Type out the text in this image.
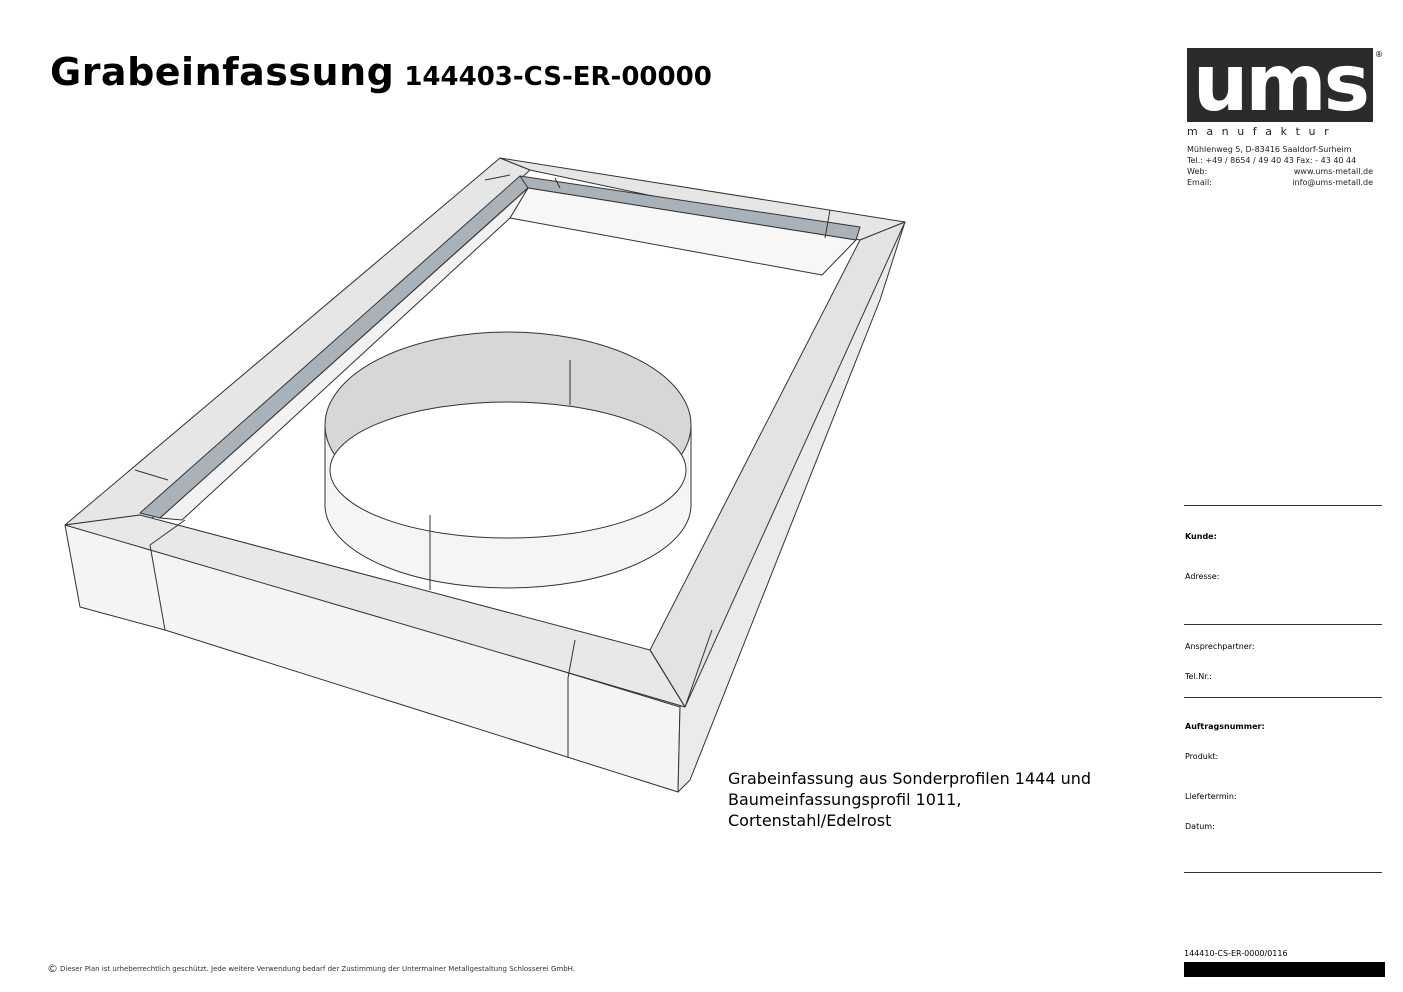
Grabeinfassung 144403-CS-ER-00000	ums ®
manufaktur
Mühlenweg 5, D-83416 Saaldorf-Surheim
Tel.: +49 / 8654 / 49 40 43 Fax: - 43 40 44
Web:	www.ums-metall.de
Email:	info@ums-metall.de
Grabeinfassung aus Sonderprofilen 1444 und
Baumeinfassungsprofil 1011,
Cortenstahl/Edelrost
Kunde:
Adresse:
Ansprechpartner:
Tel.Nr.:
Auftragsnummer:
Produkt:
Liefertermin:
Datum:
144410-CS-ER-0000/0116
© Dieser Plan ist urheberrechtlich geschützt. Jede weitere Verwendung bedarf der Zustimmung der Untermainer Metallgestaltung Schlosserei GmbH.
